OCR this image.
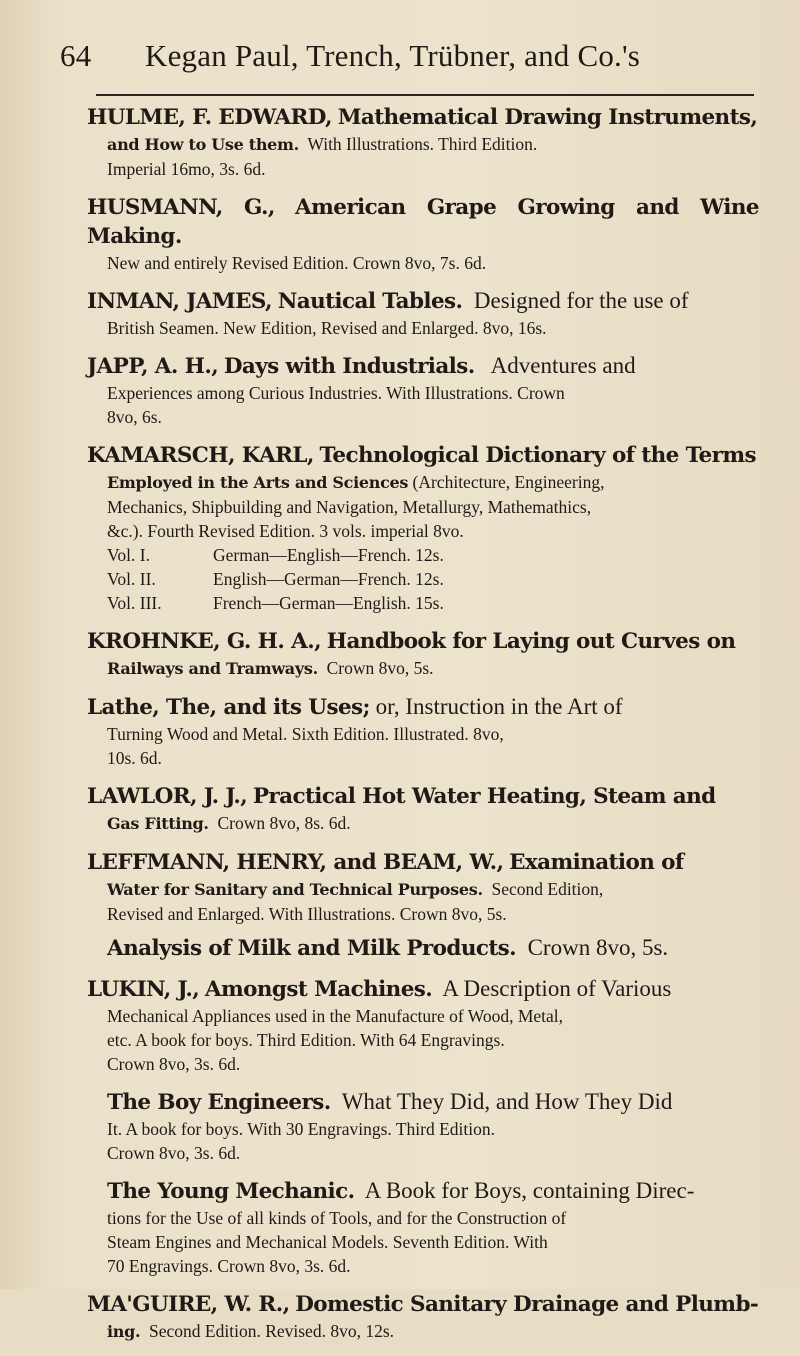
64 Kegan Paul, Trench, Trübner, and Co.'s
HULME, F. EDWARD, Mathematical Drawing Instruments,
and How to Use them. With Illustrations. Third Edition.
Imperial 16mo, 3s. 6d.
HUSMANN, G., American Grape Growing and Wine Making.
New and entirely Revised Edition. Crown 8vo, 7s. 6d.
INMAN, JAMES, Nautical Tables. Designed for the use of
British Seamen. New Edition, Revised and Enlarged. 8vo, 16s.
JAPP, A. H., Days with Industrials. Adventures and
Experiences among Curious Industries. With Illustrations. Crown
8vo, 6s.
KAMARSCH, KARL, Technological Dictionary of the Terms
Employed in the Arts and Sciences (Architecture, Engineering,
Mechanics, Shipbuilding and Navigation, Metallurgy, Mathemathics,
&c.). Fourth Revised Edition. 3 vols. imperial 8vo.
Vol. I.	German—English—French. 12s.
Vol. II.	English—German—French. 12s.
Vol. III.	French—German—English. 15s.
KROHNKE, G. H. A., Handbook for Laying out Curves on
Railways and Tramways. Crown 8vo, 5s.
Lathe, The, and its Uses; or, Instruction in the Art of
Turning Wood and Metal. Sixth Edition. Illustrated. 8vo,
10s. 6d.
LAWLOR, J. J., Practical Hot Water Heating, Steam and
Gas Fitting. Crown 8vo, 8s. 6d.
LEFFMANN, HENRY, and BEAM, W., Examination of
Water for Sanitary and Technical Purposes. Second Edition,
Revised and Enlarged. With Illustrations. Crown 8vo, 5s.
Analysis of Milk and Milk Products. Crown 8vo, 5s.
LUKIN, J., Amongst Machines. A Description of Various
Mechanical Appliances used in the Manufacture of Wood, Metal,
etc. A book for boys. Third Edition. With 64 Engravings.
Crown 8vo, 3s. 6d.
The Boy Engineers. What They Did, and How They Did
It. A book for boys. With 30 Engravings. Third Edition.
Crown 8vo, 3s. 6d.
The Young Mechanic. A Book for Boys, containing Direc-
tions for the Use of all kinds of Tools, and for the Construction of
Steam Engines and Mechanical Models. Seventh Edition. With
70 Engravings. Crown 8vo, 3s. 6d.
MA'GUIRE, W. R., Domestic Sanitary Drainage and Plumb-
ing. Second Edition. Revised. 8vo, 12s.
